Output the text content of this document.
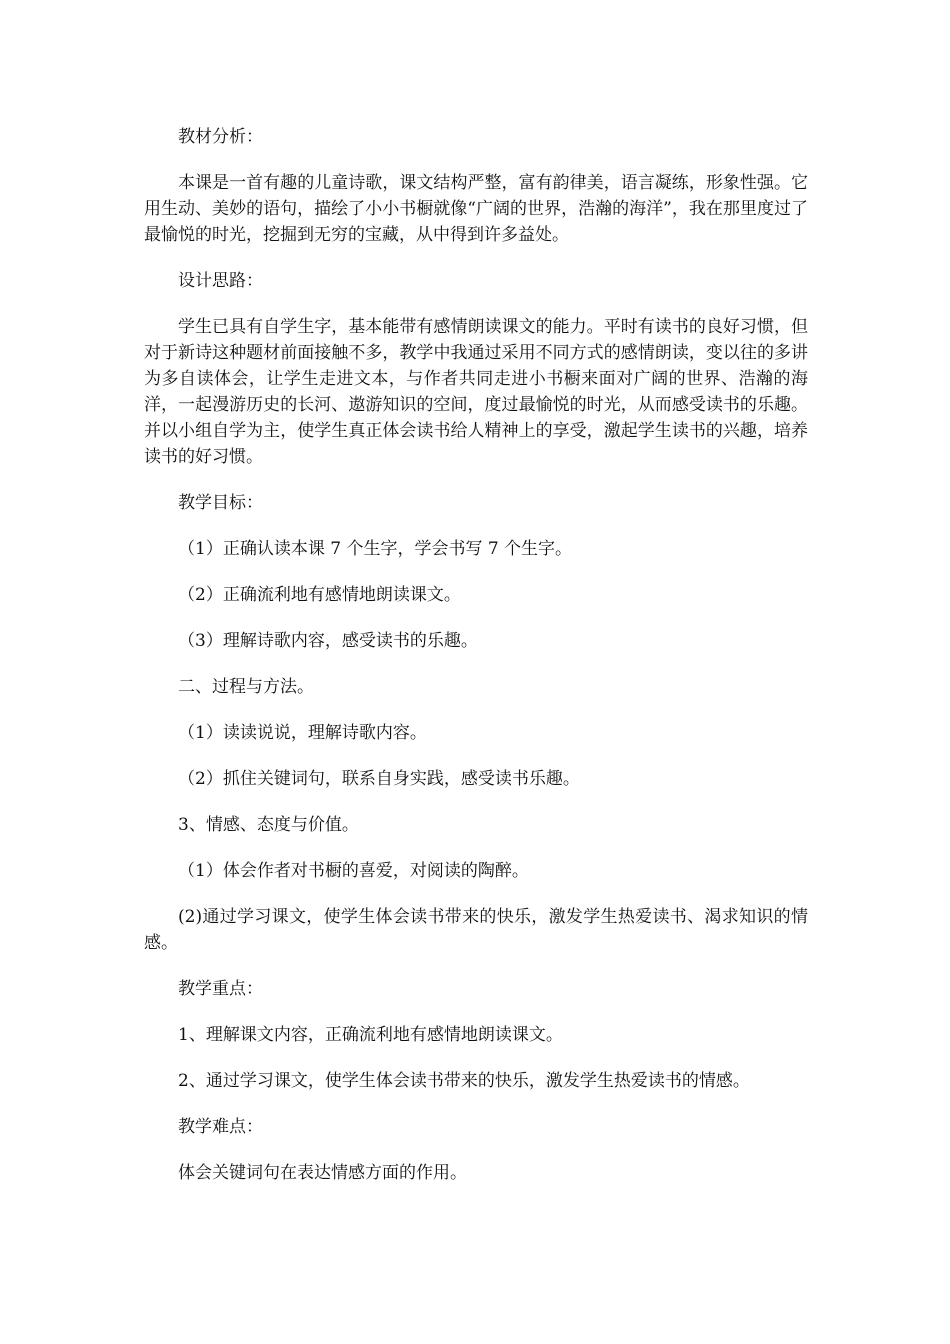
教材分析：

本课是一首有趣的儿童诗歌，课文结构严整，富有韵律美，语言凝练，形象性强。它用生动、美妙的语句，描绘了小小书橱就像“广阔的世界，浩瀚的海洋”，我在那里度过了最愉悦的时光，挖掘到无穷的宝藏，从中得到许多益处。

设计思路：

学生已具有自学生字，基本能带有感情朗读课文的能力。平时有读书的良好习惯，但对于新诗这种题材前面接触不多，教学中我通过采用不同方式的感情朗读，变以往的多讲为多自读体会，让学生走进文本，与作者共同走进小书橱来面对广阔的世界、浩瀚的海洋，一起漫游历史的长河、遨游知识的空间，度过最愉悦的时光，从而感受读书的乐趣。并以小组自学为主，使学生真正体会读书给人精神上的享受，激起学生读书的兴趣，培养读书的好习惯。

教学目标：

（1）正确认读本课 7 个生字，学会书写 7 个生字。

（2）正确流利地有感情地朗读课文。

（3）理解诗歌内容，感受读书的乐趣。

二、过程与方法。

（1）读读说说，理解诗歌内容。

（2）抓住关键词句，联系自身实践，感受读书乐趣。

3、情感、态度与价值。

（1）体会作者对书橱的喜爱，对阅读的陶醉。

(2)通过学习课文，使学生体会读书带来的快乐，激发学生热爱读书、渴求知识的情感。

教学重点：

1、理解课文内容，正确流利地有感情地朗读课文。

2、通过学习课文，使学生体会读书带来的快乐，激发学生热爱读书的情感。

教学难点：

体会关键词句在表达情感方面的作用。
